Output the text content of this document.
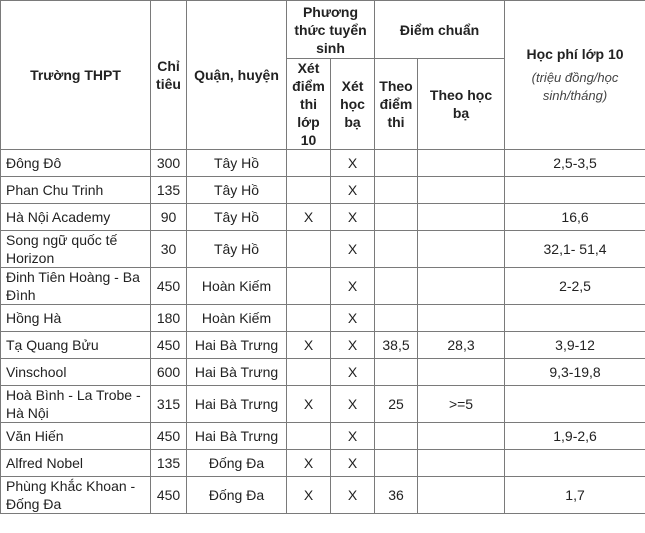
Trường THPT	Chỉ tiêu	Quận, huyện	Phương thức tuyển sinh		Điểm chuẩn		Học phí lớp 10
(triệu đồng/học sinh/tháng)

			Xét điểm thi lớp 10	Xét học bạ	Theo điểm thi	Theo học bạ	
Đông Đô	300	Tây Hồ		X			2,5-3,5
Phan Chu Trinh	135	Tây Hồ		X			
Hà Nội Academy	90	Tây Hồ	X	X			16,6
Song ngữ quốc tế Horizon	30	Tây Hồ		X			32,1- 51,4
Đinh Tiên Hoàng - Ba Đình	450	Hoàn Kiếm		X			2-2,5
Hồng Hà	180	Hoàn Kiếm		X			
Tạ Quang Bửu	450	Hai Bà Trưng	X	X	38,5	28,3	3,9-12
Vinschool	600	Hai Bà Trưng		X			9,3-19,8
Hoà Bình - La Trobe - Hà Nội	315	Hai Bà Trưng	X	X	25	>=5	
Văn Hiến	450	Hai Bà Trưng		X			1,9-2,6
Alfred Nobel	135	Đống Đa	X	X			
Phùng Khắc Khoan - Đống Đa	450	Đống Đa	X	X	36		1,7
